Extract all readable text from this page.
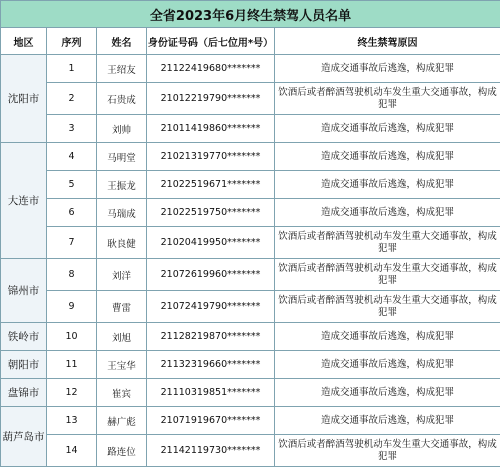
全省2023年6月终生禁驾人员名单				
地区	序列	姓名	身份证号码（后七位用*号）	终生禁驾原因
沈阳市	1	王绍友	21122419680*******	造成交通事故后逃逸，构成犯罪
	2	石贵成	21012219790*******	饮酒后或者醉酒驾驶机动车发生重大交通事故，构成犯罪
	3	刘帅	21011419860*******	造成交通事故后逃逸，构成犯罪
大连市	4	马明堂	21021319770*******	造成交通事故后逃逸，构成犯罪
	5	王振龙	21022519671*******	造成交通事故后逃逸，构成犯罪
	6	马瑞成	21022519750*******	造成交通事故后逃逸，构成犯罪
	7	耿良健	21020419950*******	饮酒后或者醉酒驾驶机动车发生重大交通事故，构成犯罪
锦州市	8	刘洋	21072619960*******	饮酒后或者醉酒驾驶机动车发生重大交通事故，构成犯罪
	9	曹雷	21072419790*******	饮酒后或者醉酒驾驶机动车发生重大交通事故，构成犯罪
铁岭市	10	刘旭	21128219870*******	造成交通事故后逃逸，构成犯罪
朝阳市	11	王宝华	21132319660*******	造成交通事故后逃逸，构成犯罪
盘锦市	12	崔宾	21110319851*******	造成交通事故后逃逸，构成犯罪
葫芦岛市	13	赫广彪	21071919670*******	造成交通事故后逃逸，构成犯罪
	14	路连位	21142119730*******	饮酒后或者醉酒驾驶机动车发生重大交通事故，构成犯罪
